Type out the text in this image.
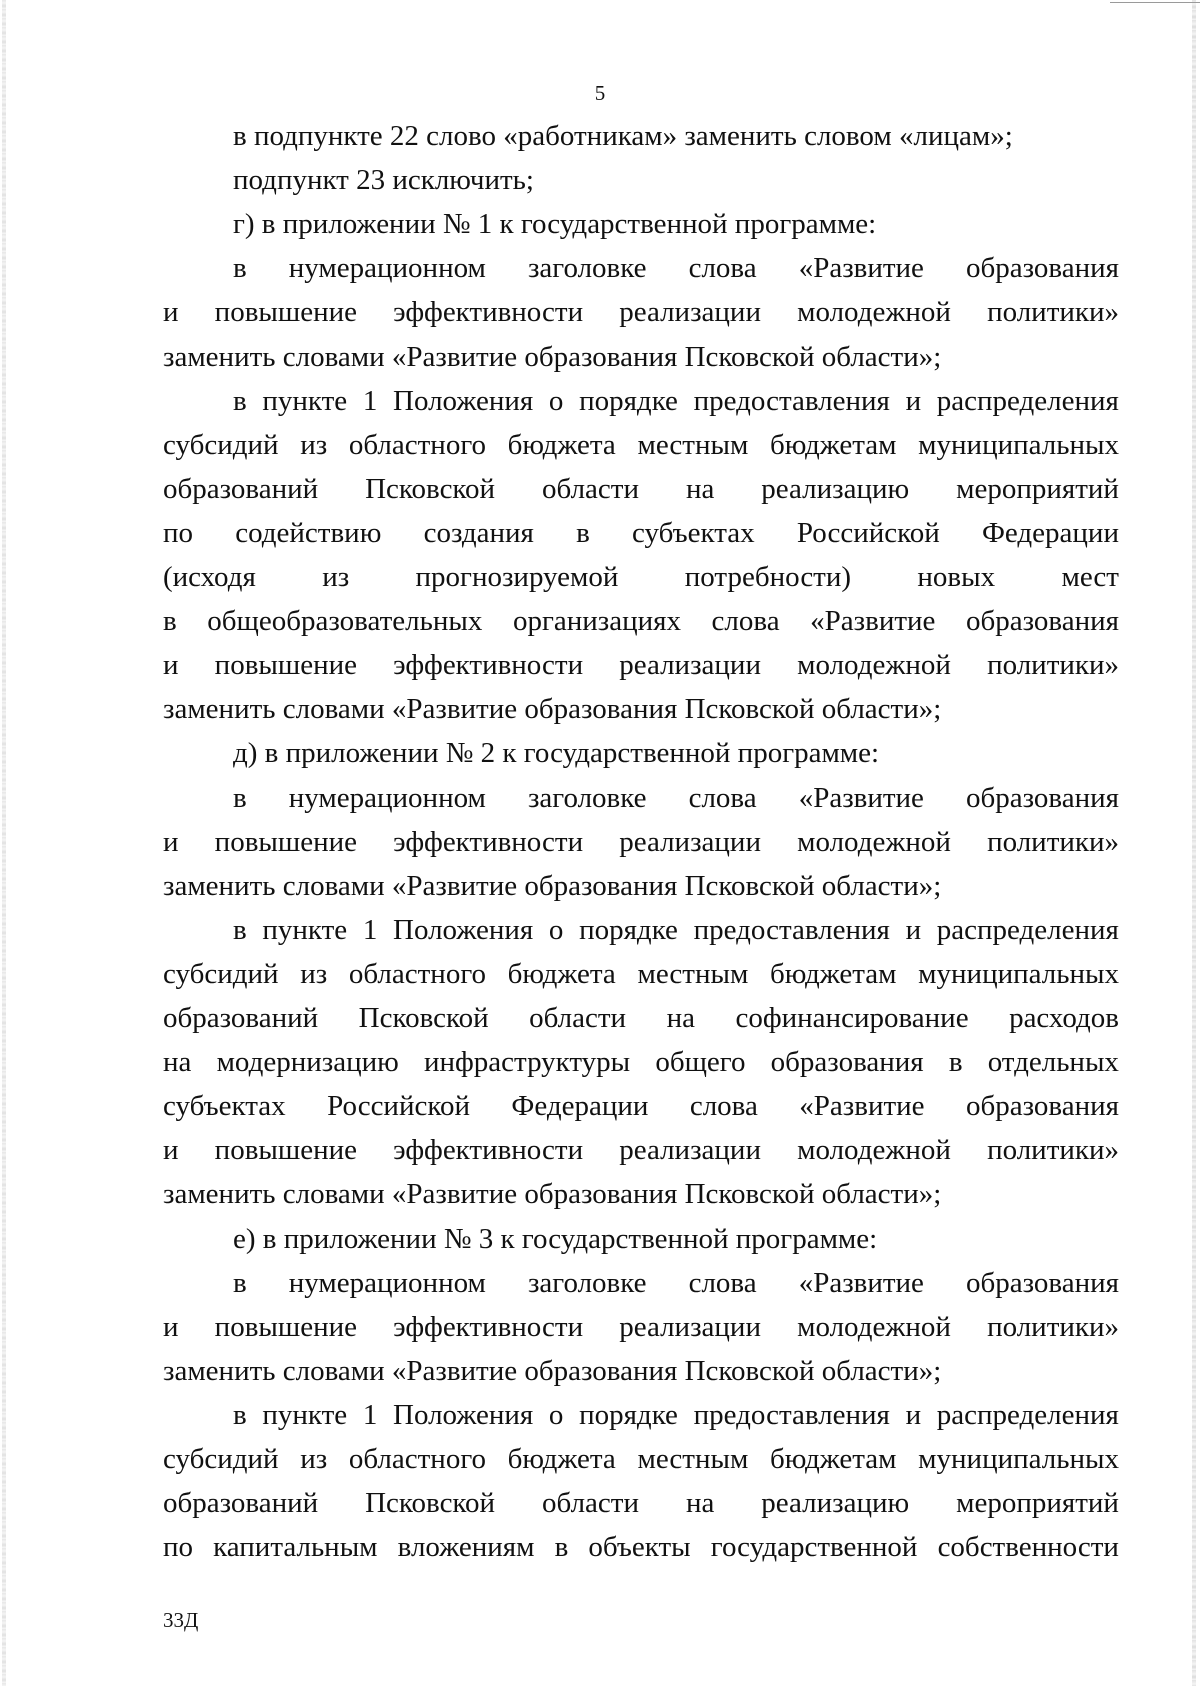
5
в подпункте 22 слово «работникам» заменить словом «лицам»;
подпункт 23 исключить;
г) в приложении № 1 к государственной программе:
в нумерационном заголовке слова «Развитие образования
и повышение эффективности реализации молодежной политики»
заменить словами «Развитие образования Псковской области»;
в пункте 1 Положения о порядке предоставления и распределения
субсидий из областного бюджета местным бюджетам муниципальных
образований Псковской области на реализацию мероприятий
по содействию создания в субъектах Российской Федерации
(исходя из прогнозируемой потребности) новых мест
в общеобразовательных организациях слова «Развитие образования
и повышение эффективности реализации молодежной политики»
заменить словами «Развитие образования Псковской области»;
д) в приложении № 2 к государственной программе:
в нумерационном заголовке слова «Развитие образования
и повышение эффективности реализации молодежной политики»
заменить словами «Развитие образования Псковской области»;
в пункте 1 Положения о порядке предоставления и распределения
субсидий из областного бюджета местным бюджетам муниципальных
образований Псковской области на софинансирование расходов
на модернизацию инфраструктуры общего образования в отдельных
субъектах Российской Федерации слова «Развитие образования
и повышение эффективности реализации молодежной политики»
заменить словами «Развитие образования Псковской области»;
е) в приложении № 3 к государственной программе:
в нумерационном заголовке слова «Развитие образования
и повышение эффективности реализации молодежной политики»
заменить словами «Развитие образования Псковской области»;
в пункте 1 Положения о порядке предоставления и распределения
субсидий из областного бюджета местным бюджетам муниципальных
образований Псковской области на реализацию мероприятий
по капитальным вложениям в объекты государственной собственности
33Д
